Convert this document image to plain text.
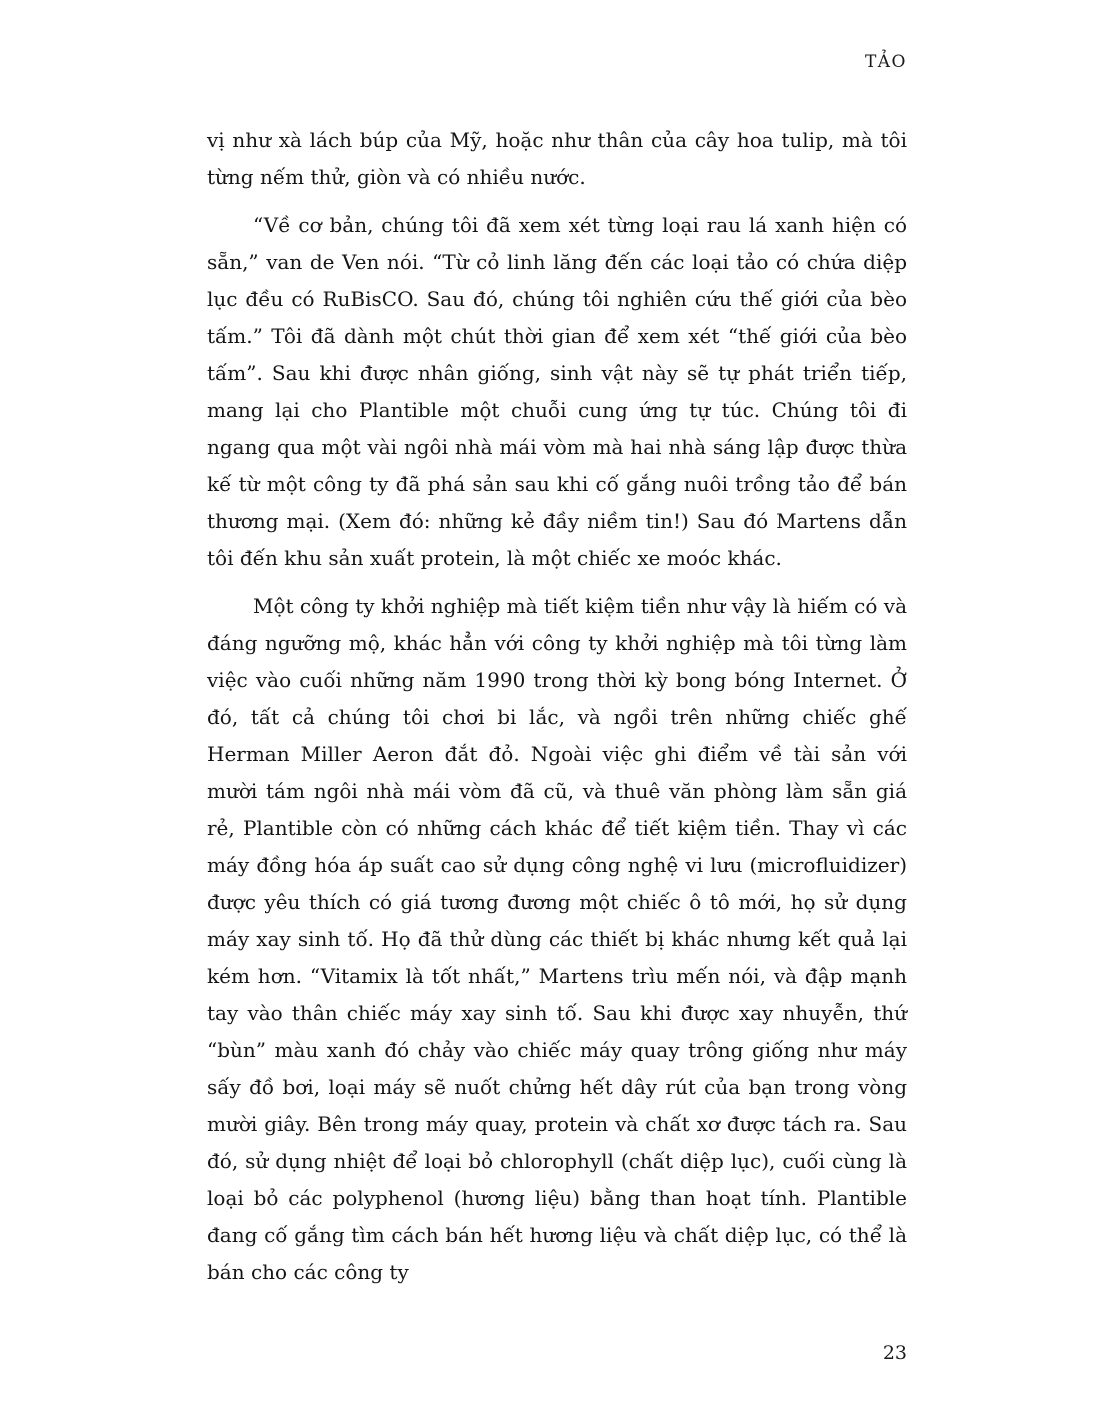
TẢO

vị như xà lách búp của Mỹ, hoặc như thân của cây hoa tulip, mà tôi từng nếm thử, giòn và có nhiều nước.

“Về cơ bản, chúng tôi đã xem xét từng loại rau lá xanh hiện có sẵn,” van de Ven nói. “Từ cỏ linh lăng đến các loại tảo có chứa diệp lục đều có RuBisCO. Sau đó, chúng tôi nghiên cứu thế giới của bèo tấm.” Tôi đã dành một chút thời gian để xem xét “thế giới của bèo tấm”. Sau khi được nhân giống, sinh vật này sẽ tự phát triển tiếp, mang lại cho Plantible một chuỗi cung ứng tự túc. Chúng tôi đi ngang qua một vài ngôi nhà mái vòm mà hai nhà sáng lập được thừa kế từ một công ty đã phá sản sau khi cố gắng nuôi trồng tảo để bán thương mại. (Xem đó: những kẻ đầy niềm tin!) Sau đó Martens dẫn tôi đến khu sản xuất protein, là một chiếc xe moóc khác.

Một công ty khởi nghiệp mà tiết kiệm tiền như vậy là hiếm có và đáng ngưỡng mộ, khác hẳn với công ty khởi nghiệp mà tôi từng làm việc vào cuối những năm 1990 trong thời kỳ bong bóng Internet. Ở đó, tất cả chúng tôi chơi bi lắc, và ngồi trên những chiếc ghế Herman Miller Aeron đắt đỏ. Ngoài việc ghi điểm về tài sản với mười tám ngôi nhà mái vòm đã cũ, và thuê văn phòng làm sẵn giá rẻ, Plantible còn có những cách khác để tiết kiệm tiền. Thay vì các máy đồng hóa áp suất cao sử dụng công nghệ vi lưu (microfluidizer) được yêu thích có giá tương đương một chiếc ô tô mới, họ sử dụng máy xay sinh tố. Họ đã thử dùng các thiết bị khác nhưng kết quả lại kém hơn. “Vitamix là tốt nhất,” Martens trìu mến nói, và đập mạnh tay vào thân chiếc máy xay sinh tố. Sau khi được xay nhuyễn, thứ “bùn” màu xanh đó chảy vào chiếc máy quay trông giống như máy sấy đồ bơi, loại máy sẽ nuốt chửng hết dây rút của bạn trong vòng mười giây. Bên trong máy quay, protein và chất xơ được tách ra. Sau đó, sử dụng nhiệt để loại bỏ chlorophyll (chất diệp lục), cuối cùng là loại bỏ các polyphenol (hương liệu) bằng than hoạt tính. Plantible đang cố gắng tìm cách bán hết hương liệu và chất diệp lục, có thể là bán cho các công ty

23
